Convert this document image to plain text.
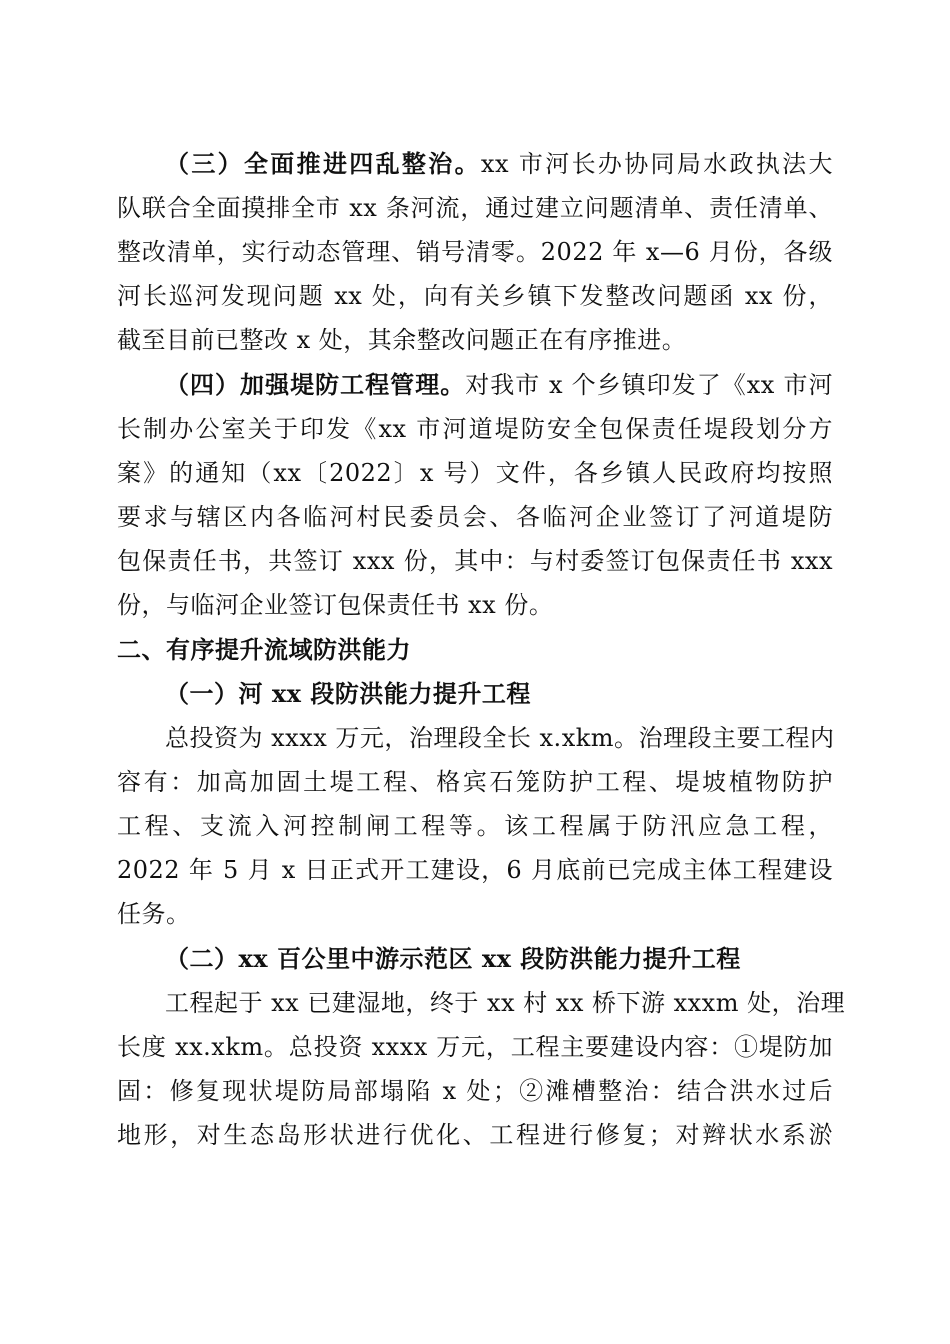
（三）全面推进四乱整治。xx 市河长办协同局水政执法大
队联合全面摸排全市 xx 条河流，通过建立问题清单、责任清单、
整改清单，实行动态管理、销号清零。2022 年 x—6 月份，各级
河长巡河发现问题 xx 处，向有关乡镇下发整改问题函 xx 份，
截至目前已整改 x 处，其余整改问题正在有序推进。
（四）加强堤防工程管理。对我市 x 个乡镇印发了《xx 市河
长制办公室关于印发《xx 市河道堤防安全包保责任堤段划分方
案》的通知（xx〔2022〕x 号）文件，各乡镇人民政府均按照
要求与辖区内各临河村民委员会、各临河企业签订了河道堤防
包保责任书，共签订 xxx 份，其中：与村委签订包保责任书 xxx
份，与临河企业签订包保责任书 xx 份。
二、有序提升流域防洪能力
（一）河 xx 段防洪能力提升工程
总投资为 xxxx 万元，治理段全长 x.xkm。治理段主要工程内
容有：加高加固土堤工程、格宾石笼防护工程、堤坡植物防护
工程、支流入河控制闸工程等。该工程属于防汛应急工程，
2022 年 5 月 x 日正式开工建设，6 月底前已完成主体工程建设
任务。
（二）xx 百公里中游示范区 xx 段防洪能力提升工程
工程起于 xx 已建湿地，终于 xx 村 xx 桥下游 xxxm 处，治理
长度 xx.xkm。总投资 xxxx 万元，工程主要建设内容：①堤防加
固：修复现状堤防局部塌陷 x 处；②滩槽整治：结合洪水过后
地形，对生态岛形状进行优化、工程进行修复；对辫状水系淤
